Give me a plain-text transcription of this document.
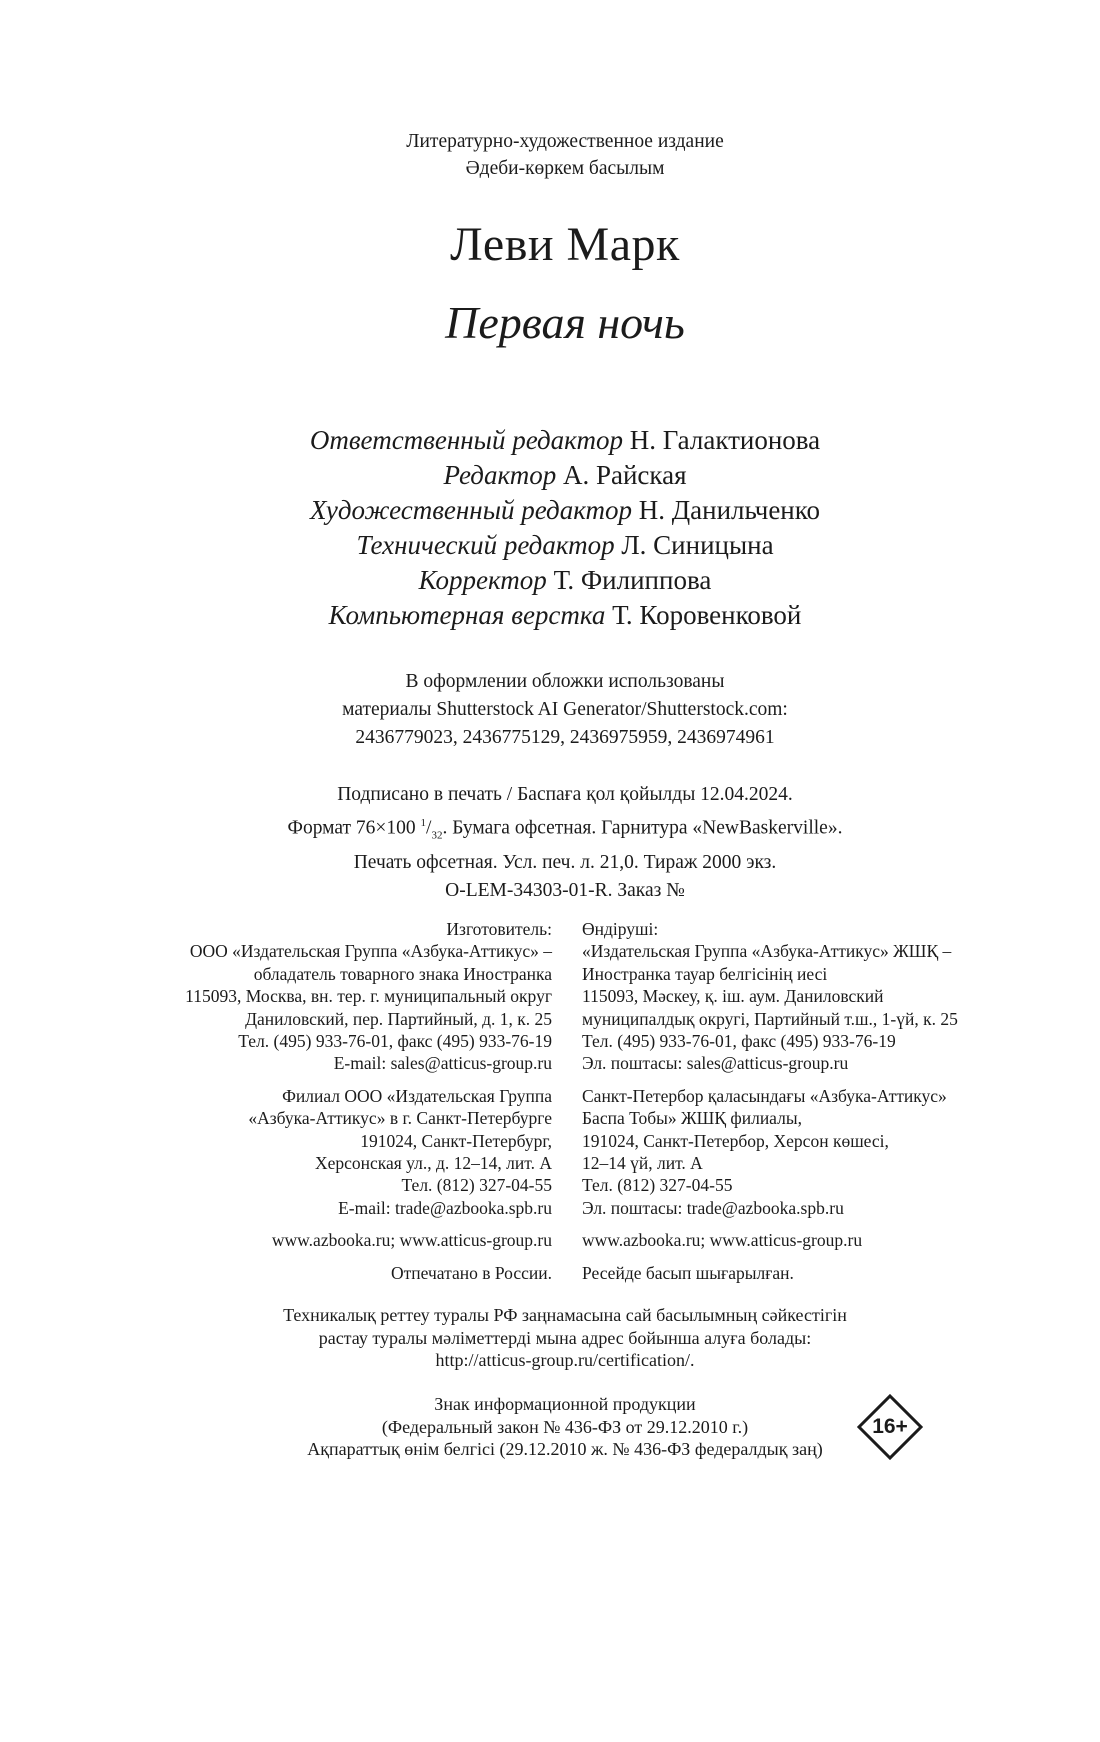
Литературно-художественное издание
Әдеби-көркем басылым
Леви Марк
Первая ночь
Ответственный редактор Н. Галактионова
Редактор А. Райская
Художественный редактор Н. Данильченко
Технический редактор Л. Синицына
Корректор Т. Филиппова
Компьютерная верстка Т. Коровенковой
В оформлении обложки использованы
материалы Shutterstock AI Generator/Shutterstock.com:
2436779023, 2436775129, 2436975959, 2436974961
Подписано в печать / Баспаға қол қойылды 12.04.2024.
Формат 76×100 $^1/_{32}$. Бумага офсетная. Гарнитура «NewBaskerville».
Печать офсетная. Усл. печ. л. 21,0. Тираж 2000 экз.
O-LEM-34303-01-R. Заказ №

Изготовитель:

ООО «Издательская Группа «Азбука-Аттикус» –

обладатель товарного знака Иностранка

115093, Москва, вн. тер. г. муниципальный округ

Даниловский, пер. Партийный, д. 1, к. 25

Тел. (495) 933-76-01, факс (495) 933-76-19

E-mail: sales@atticus-group.ru

Филиал ООО «Издательская Группа

«Азбука-Аттикус» в г. Санкт-Петербурге

191024, Санкт-Петербург,

Херсонская ул., д. 12–14, лит. А

Тел. (812) 327-04-55

E-mail: trade@azbooka.spb.ru

www.azbooka.ru; www.atticus-group.ru

Отпечатано в России.

Өндіруші:

«Издательская Группа «Азбука-Аттикус» ЖШҚ –

Иностранка тауар белгісінің иесі

115093, Мәскеу, қ. іш. аум. Даниловский

муниципалдық округі, Партийный т.ш., 1-үй, к. 25

Тел. (495) 933-76-01, факс (495) 933-76-19

Эл. поштасы: sales@atticus-group.ru

Санкт-Петербор қаласындағы «Азбука-Аттикус»

Баспа Тобы» ЖШҚ филиалы,

191024, Санкт-Петербор, Херсон көшесі,

12–14 үй, лит. А

Тел. (812) 327-04-55

Эл. поштасы: trade@azbooka.spb.ru

www.azbooka.ru; www.atticus-group.ru

Ресейде басып шығарылған.

Техникалық реттеу туралы РФ заңнамасына сай басылымның сәйкестігін
растау туралы мәліметтерді мына адрес бойынша алуға болады:
http://atticus-group.ru/certification/.
Знак информационной продукции
(Федеральный закон № 436-ФЗ от 29.12.2010 г.)
Ақпараттық өнім белгісі (29.12.2010 ж. № 436-ФЗ федералдық заң)
16+
